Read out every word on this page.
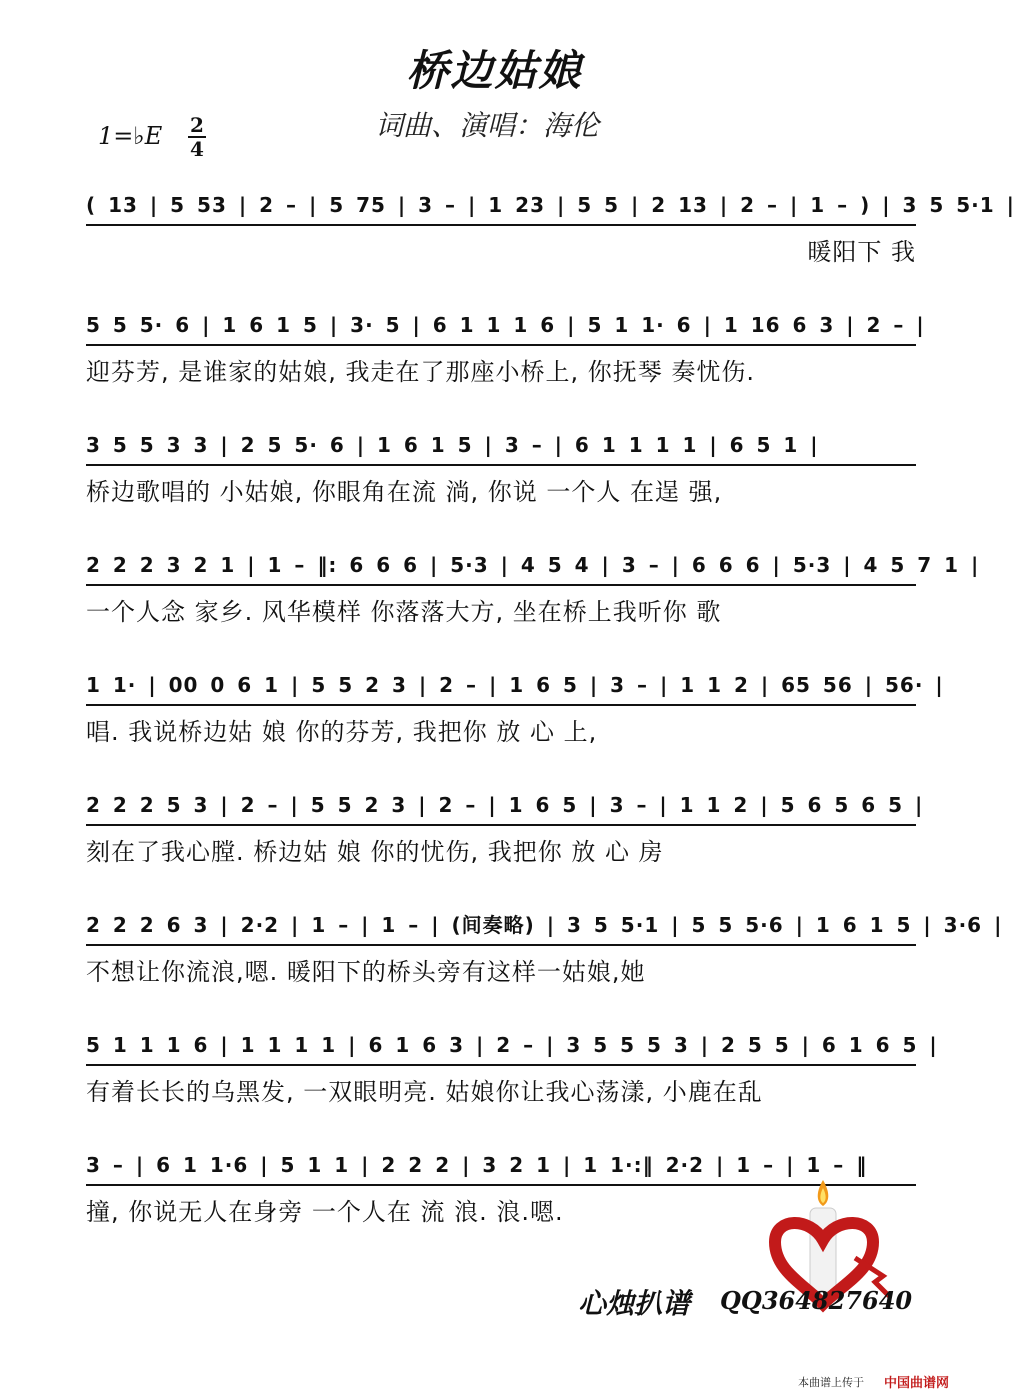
桥边姑娘
词曲、演唱：海伦
1=♭E 2
4
( 13 | 5 53 | 2 – | 5 75 | 3 – | 1 23 | 5 5 | 2 13 | 2 – | 1 – ) | 3 5 5·1 |
暖阳下 我
5 5 5· 6 | 1 6 1 5 | 3· 5 | 6 1 1 1 6 | 5 1 1· 6 | 1 16 6 3 | 2 – |
迎芬芳, 是谁家的姑娘, 我走在了那座小桥上, 你抚琴 奏忧伤.
3 5 5 3 3 | 2 5 5· 6 | 1 6 1 5 | 3 – | 6 1 1 1 1 | 6 5 1 |
桥边歌唱的 小姑娘, 你眼角在流 淌, 你说 一个人 在逞 强,
2 2 2 3 2 1 | 1 – ‖: 6 6 6 | 5·3 | 4 5 4 | 3 – | 6 6 6 | 5·3 | 4 5 7 1 |
一个人念 家乡. 风华模样 你落落大方, 坐在桥上我听你 歌
1 1· | 00 0 6 1 | 5 5 2 3 | 2 – | 1 6 5 | 3 – | 1 1 2 | 65 56 | 56· |
唱. 我说桥边姑 娘 你的芬芳, 我把你 放 心 上,
2 2 2 5 3 | 2 – | 5 5 2 3 | 2 – | 1 6 5 | 3 – | 1 1 2 | 5 6 5 6 5 |
刻在了我心膛. 桥边姑 娘 你的忧伤, 我把你 放 心 房
2 2 2 6 3 | 2·2 | 1 – | 1 – | (间奏略) | 3 5 5·1 | 5 5 5·6 | 1 6 1 5 | 3·6 |
不想让你流浪,嗯. 暖阳下的桥头旁有这样一姑娘,她
5 1 1 1 6 | 1 1 1 1 | 6 1 6 3 | 2 – | 3 5 5 5 3 | 2 5 5 | 6 1 6 5 |
有着长长的乌黑发, 一双眼明亮. 姑娘你让我心荡漾, 小鹿在乱
3 – | 6 1 1·6 | 5 1 1 | 2 2 2 | 3 2 1 | 1 1·:‖ 2·2 | 1 – | 1 – ‖
撞, 你说无人在身旁 一个人在 流 浪. 浪.嗯.
心烛扒谱 QQ364827640
本曲谱上传于 中国曲谱网
